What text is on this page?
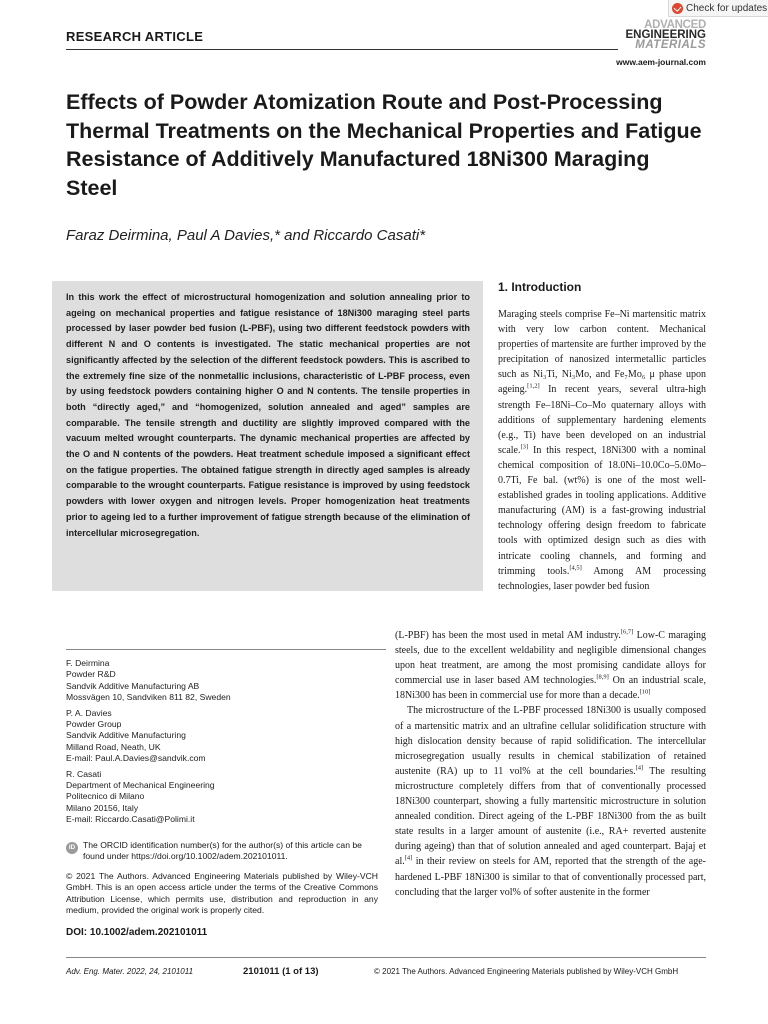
Check for updates
RESEARCH ARTICLE
ADVANCED
ENGINEERING
MATERIALS
www.aem-journal.com
Effects of Powder Atomization Route and Post-Processing Thermal Treatments on the Mechanical Properties and Fatigue Resistance of Additively Manufactured 18Ni300 Maraging Steel
Faraz Deirmina, Paul A Davies,* and Riccardo Casati*
In this work the effect of microstructural homogenization and solution annealing prior to ageing on mechanical properties and fatigue resistance of 18Ni300 maraging steel parts processed by laser powder bed fusion (L-PBF), using two different feedstock powders with different N and O contents is investigated. The static mechanical properties are not significantly affected by the selection of the different feedstock powders. This is ascribed to the extremely fine size of the nonmetallic inclusions, characteristic of L-PBF process, even by using feedstock powders containing higher O and N contents. The tensile properties in both “directly aged,” and “homogenized, solution annealed and aged” samples are comparable. The tensile strength and ductility are slightly improved compared with the vacuum melted wrought counterparts. The dynamic mechanical properties are affected by the O and N contents of the powders. Heat treatment schedule imposed a significant effect on the fatigue properties. The obtained fatigue strength in directly aged samples is already comparable to the wrought counterparts. Fatigue resistance is improved by using feedstock powders with lower oxygen and nitrogen levels. Proper homogenization heat treatments prior to ageing led to a further improvement of fatigue strength because of the elimination of intercellular microsegregation.
1. Introduction

Maraging steels comprise Fe–Ni martensitic matrix with very low carbon content. Mechanical properties of martensite are further improved by the precipitation of nanosized intermetallic particles such as Ni₃Ti, Ni₃Mo, and Fe₇Mo₆ μ phase upon ageing.[1,2] In recent years, several ultra-high strength Fe–18Ni–Co–Mo quaternary alloys with additions of supplementary hardening elements (e.g., Ti) have been developed on an industrial scale.[3] In this respect, 18Ni300 with a nominal chemical composition of 18.0Ni–10.0Co–5.0Mo–0.7Ti, Fe bal. (wt%) is one of the most well-established grades in tooling applications. Additive manufacturing (AM) is a fast-growing industrial technology offering design freedom to fabricate tools with optimized design such as dies with intricate cooling channels, and forming and trimming tools.[4,5] Among AM processing technologies, laser powder bed fusion

(L-PBF) has been the most used in metal AM industry.[6,7] Low-C maraging steels, due to the excellent weldability and negligible dimensional changes upon heat treatment, are among the most promising candidate alloys for commercial use in laser based AM technologies.[8,9] On an industrial scale, 18Ni300 has been in commercial use for more than a decade.[10]

The microstructure of the L-PBF processed 18Ni300 is usually composed of a martensitic matrix and an ultrafine cellular solidification structure with high dislocation density because of rapid solidification. The intercellular microsegregation usually results in chemical stabilization of retained austenite (RA) up to 11 vol% at the cell boundaries.[4] The resulting microstructure completely differs from that of conventionally processed 18Ni300 counterpart, showing a fully martensitic microstructure in solution annealed condition. Direct ageing of the L-PBF 18Ni300 from the as built state results in a larger amount of austenite (i.e., RA+ reverted austenite during ageing) than that of solution annealed and aged counterpart. Bajaj et al.[4] in their review on steels for AM, reported that the strength of the age-hardened L-PBF 18Ni300 is similar to that of conventionally processed part, concluding that the larger vol% of softer austenite in the former

F. Deirmina
Powder R&D
Sandvik Additive Manufacturing AB
Mossvägen 10, Sandviken 811 82, Sweden
P. A. Davies
Powder Group
Sandvik Additive Manufacturing
Milland Road, Neath, UK
E-mail: Paul.A.Davies@sandvik.com
R. Casati
Department of Mechanical Engineering
Politecnico di Milano
Milano 20156, Italy
E-mail: Riccardo.Casati@Polimi.it
iD The ORCID identification number(s) for the author(s) of this article can be found under https://doi.org/10.1002/adem.202101011.
© 2021 The Authors. Advanced Engineering Materials published by Wiley-VCH GmbH. This is an open access article under the terms of the Creative Commons Attribution License, which permits use, distribution and reproduction in any medium, provided the original work is properly cited.
DOI: 10.1002/adem.202101011
Adv. Eng. Mater. 2022, 24, 2101011	2101011 (1 of 13)	© 2021 The Authors. Advanced Engineering Materials published by Wiley-VCH GmbH
